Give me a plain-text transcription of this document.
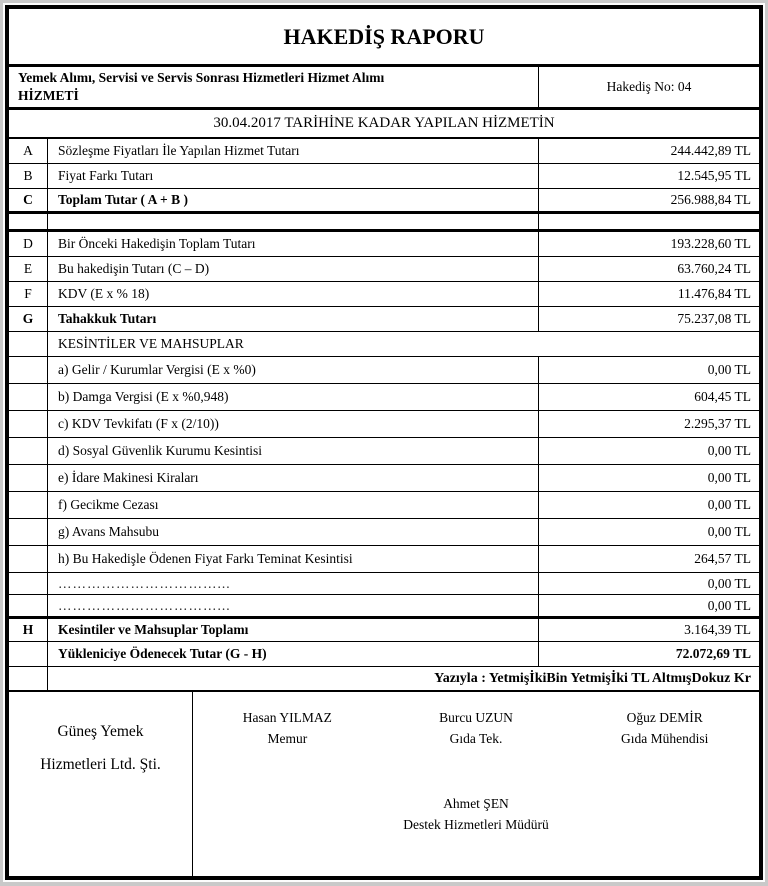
HAKEDİŞ RAPORU
Yemek Alımı, Servisi ve Servis Sonrası Hizmetleri Hizmet Alımı
HİZMETİ
Hakediş No: 04
30.04.2017 TARİHİNE KADAR YAPILAN HİZMETİN
A	Sözleşme Fiyatları İle Yapılan Hizmet Tutarı	244.442,89 TL
B	Fiyat Farkı Tutarı	12.545,95 TL
C	Toplam Tutar ( A + B )	256.988,84 TL
D	Bir Önceki Hakedişin Toplam Tutarı	193.228,60 TL
E	Bu hakedişin Tutarı (C – D)	63.760,24 TL
F	KDV (E x % 18)	11.476,84 TL
G	Tahakkuk Tutarı	75.237,08 TL
KESİNTİLER VE MAHSUPLAR
a) Gelir / Kurumlar Vergisi (E x %0)	0,00 TL
b) Damga Vergisi (E x %0,948)	604,45 TL
c) KDV Tevkifatı (F x (2/10))	2.295,37 TL
d) Sosyal Güvenlik Kurumu Kesintisi	0,00 TL
e) İdare Makinesi Kiraları	0,00 TL
f) Gecikme Cezası	0,00 TL
g) Avans Mahsubu	0,00 TL
h) Bu Hakedişle Ödenen Fiyat Farkı Teminat Kesintisi	264,57 TL
……………………………...	0,00 TL
……………………………...	0,00 TL
H	Kesintiler ve Mahsuplar Toplamı	3.164,39 TL
Yükleniciye Ödenecek Tutar (G - H)	72.072,69 TL
Yazıyla : YetmişİkiBin Yetmişİki TL AltmışDokuz Kr
Güneş Yemek
Hizmetleri Ltd. Şti.
Hasan YILMAZ
Memur
Burcu UZUN
Gıda Tek.
Oğuz DEMİR
Gıda Mühendisi
Ahmet ŞEN
Destek Hizmetleri Müdürü
